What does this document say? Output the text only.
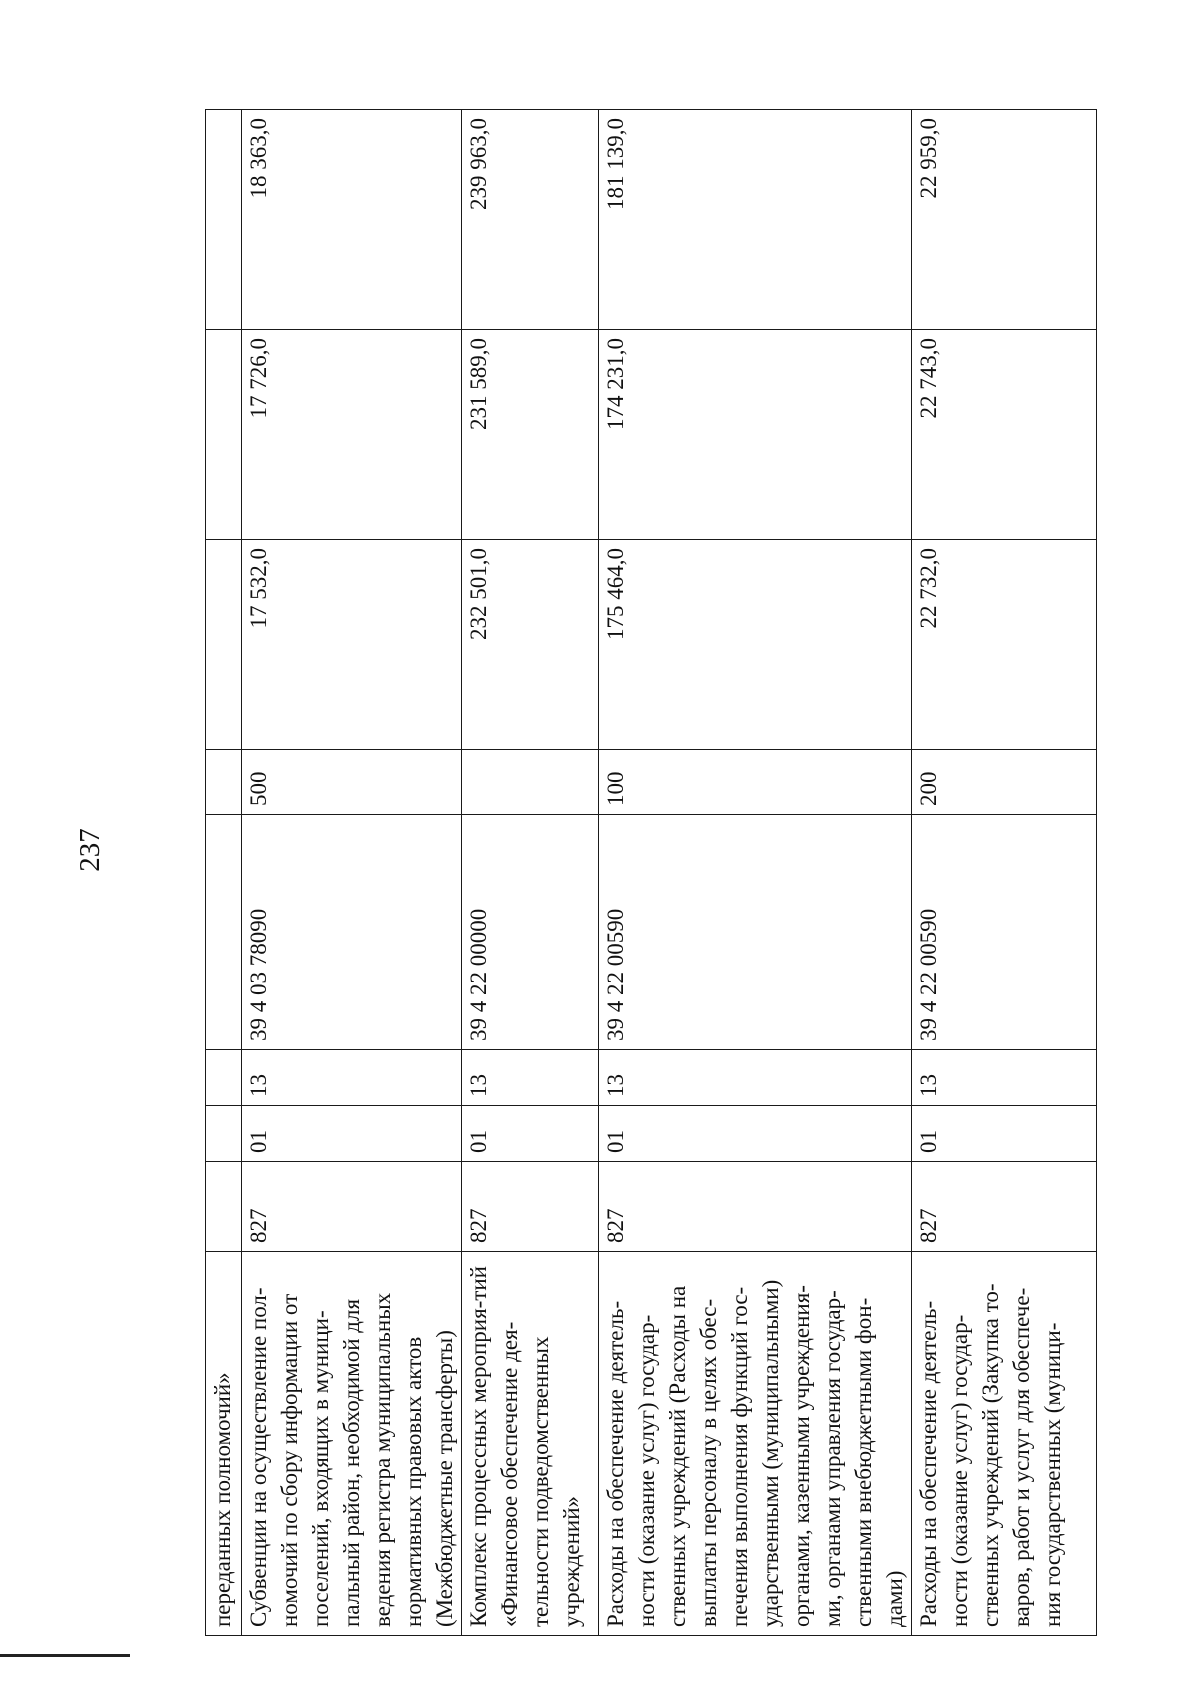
237
переданных полномочий»								
Субвенции на осуществление пол-номочий по сбору информации от поселений, входящих в муници-пальный район, необходимой для ведения регистра муниципальных нормативных правовых актов (Межбюджетные трансферты)	827	01	13	39 4 03 78090	500	17 532,0	17 726,0	18 363,0
Комплекс процессных мероприя-тий «Финансовое обеспечение дея-тельности подведомственных учреждений»	827	01	13	39 4 22 00000		232 501,0	231 589,0	239 963,0
Расходы на обеспечение деятель-ности (оказание услуг) государ-ственных учреждений (Расходы на выплаты персоналу в целях обес-печения выполнения функций гос-ударственными (муниципальными) органами, казенными учреждения-ми, органами управления государ-ственными внебюджетными фон-дами)	827	01	13	39 4 22 00590	100	175 464,0	174 231,0	181 139,0
Расходы на обеспечение деятель-ности (оказание услуг) государ-ственных учреждений (Закупка то-варов, работ и услуг для обеспече-ния государственных (муници-	827	01	13	39 4 22 00590	200	22 732,0	22 743,0	22 959,0
